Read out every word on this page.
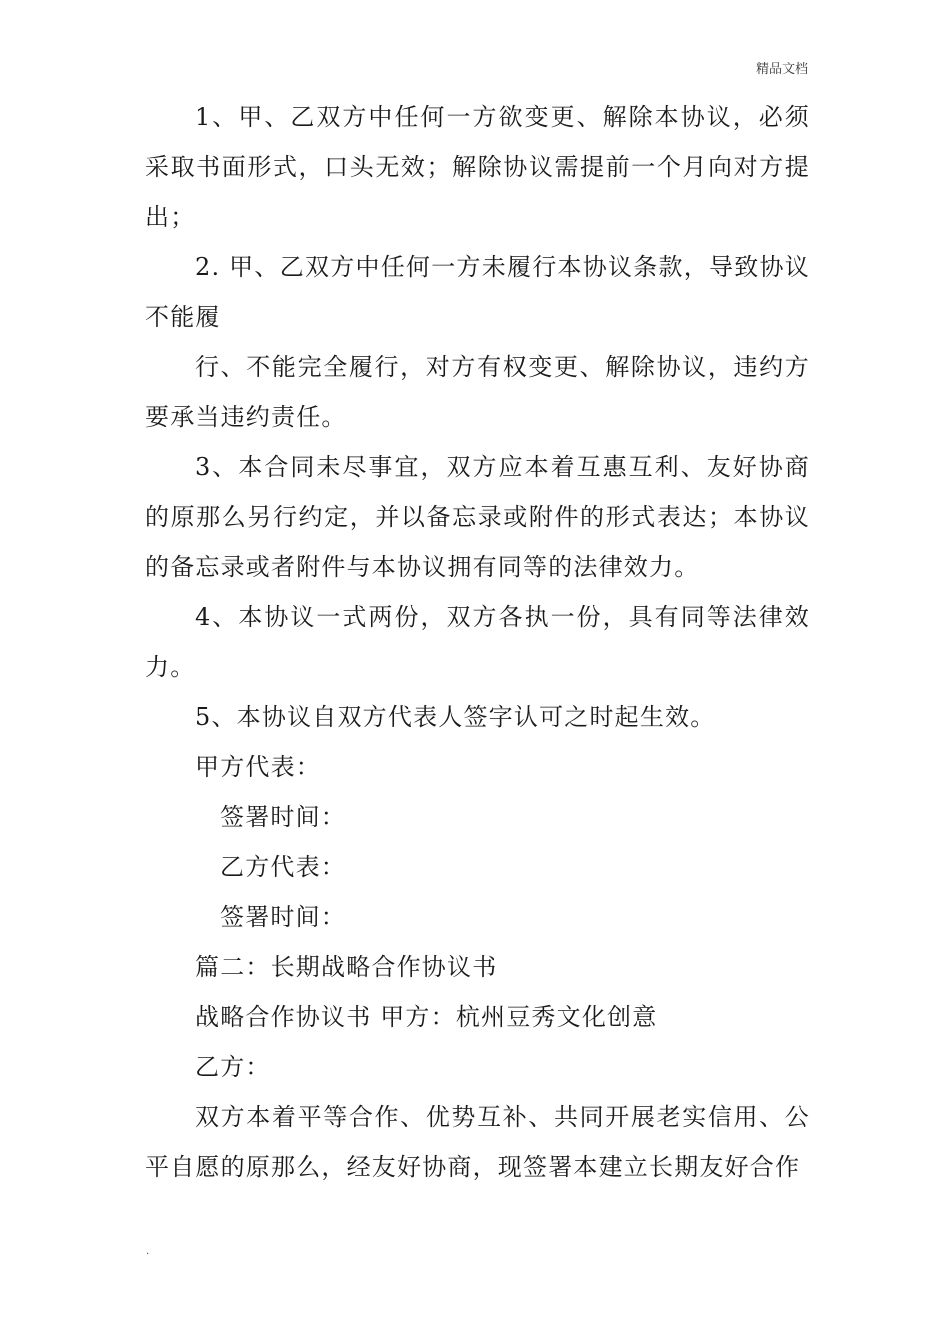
精品文档

1、甲、乙双方中任何一方欲变更、解除本协议，必须采取书面形式，口头无效；解除协议需提前一个月向对方提出；

2. 甲、乙双方中任何一方未履行本协议条款，导致协议不能履

行、不能完全履行，对方有权变更、解除协议，违约方要承当违约责任。

3、本合同未尽事宜，双方应本着互惠互利、友好协商的原那么另行约定，并以备忘录或附件的形式表达；本协议的备忘录或者附件与本协议拥有同等的法律效力。

4、本协议一式两份，双方各执一份，具有同等法律效力。

5、本协议自双方代表人签字认可之时起生效。

甲方代表：

签署时间：

乙方代表：

签署时间：

篇二：长期战略合作协议书

战略合作协议书 甲方：杭州豆秀文化创意

乙方：

双方本着平等合作、优势互补、共同开展老实信用、公平自愿的原那么，经友好协商，现签署本建立长期友好合作

.
